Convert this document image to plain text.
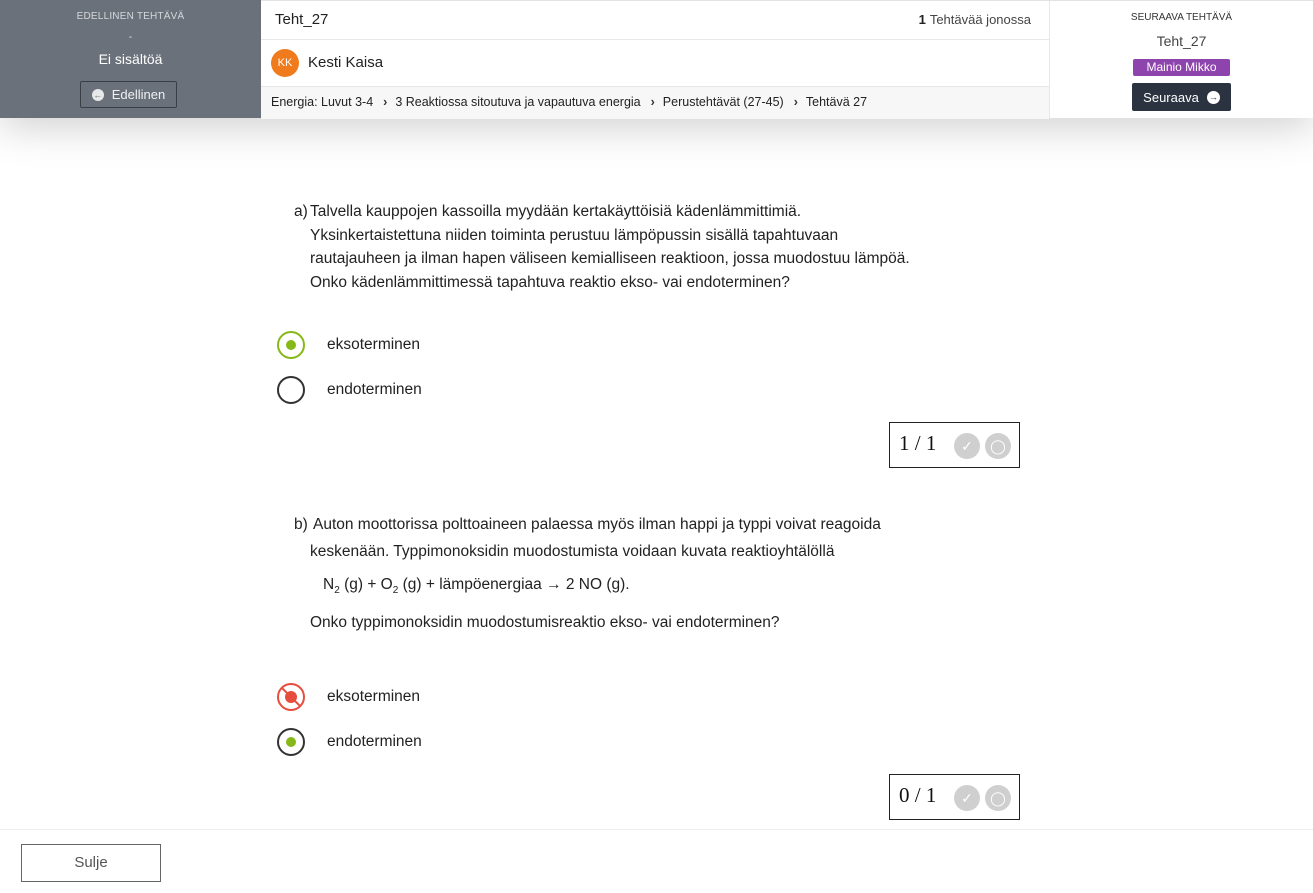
EDELLINEN TEHTÄVÄ
-
Ei sisältöä
← Edellinen
Teht_27	1 Tehtävää jonossa
KK	Kesti Kaisa
Energia: Luvut 3-4 › 3 Reaktiossa sitoutuva ja vapautuva energia › Perustehtävät (27-45) › Tehtävä 27
SEURAAVA TEHTÄVÄ
Teht_27
Mainio Mikko
Seuraava →
a) Talvella kauppojen kassoilla myydään kertakäyttöisiä kädenlämmittimiä.
Yksinkertaistettuna niiden toiminta perustuu lämpöpussin sisällä tapahtuvaan
rautajauheen ja ilman hapen väliseen kemialliseen reaktioon, jossa muodostuu lämpöä.
Onko kädenlämmittimessä tapahtuva reaktio ekso- vai endoterminen?
eksoterminen
endoterminen
1 / 1	✓	◯
b) Auton moottorissa polttoaineen palaessa myös ilman happi ja typpi voivat reagoida
keskenään. Typpimonoksidin muodostumista voidaan kuvata reaktioyhtälöllä
$N_2$ $(g) + O_2$ (g) + lämpöenergiaa → 2 NO (g).
Onko typpimonoksidin muodostumisreaktio ekso- vai endoterminen?
eksoterminen
endoterminen
0 / 1	✓	◯
Sulje
